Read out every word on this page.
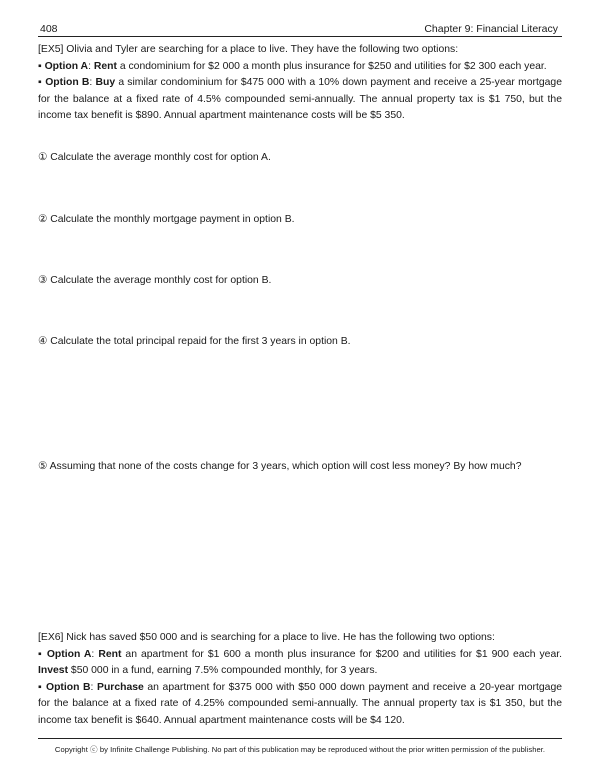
408	Chapter 9: Financial Literacy

[EX5] Olivia and Tyler are searching for a place to live. They have the following two options:

▪ Option A: Rent a condominium for $2 000 a month plus insurance for $250 and utilities for $2 300 each year.

▪ Option B: Buy a similar condominium for $475 000 with a 10% down payment and receive a 25-year mortgage for the balance at a fixed rate of 4.5% compounded semi-annually. The annual property tax is $1 750, but the income tax benefit is $890. Annual apartment maintenance costs will be $5 350.

① Calculate the average monthly cost for option A.

② Calculate the monthly mortgage payment in option B.

③ Calculate the average monthly cost for option B.

④ Calculate the total principal repaid for the first 3 years in option B.

⑤ Assuming that none of the costs change for 3 years, which option will cost less money? By how much?

[EX6] Nick has saved $50 000 and is searching for a place to live. He has the following two options:

▪ Option A: Rent an apartment for $1 600 a month plus insurance for $200 and utilities for $1 900 each year. Invest $50 000 in a fund, earning 7.5% compounded monthly, for 3 years.

▪ Option B: Purchase an apartment for $375 000 with $50 000 down payment and receive a 20-year mortgage for the balance at a fixed rate of 4.25% compounded semi-annually. The annual property tax is $1 350, but the income tax benefit is $640. Annual apartment maintenance costs will be $4 120.

Copyright ⓒ by Infinite Challenge Publishing. No part of this publication may be reproduced without the prior written permission of the publisher.
